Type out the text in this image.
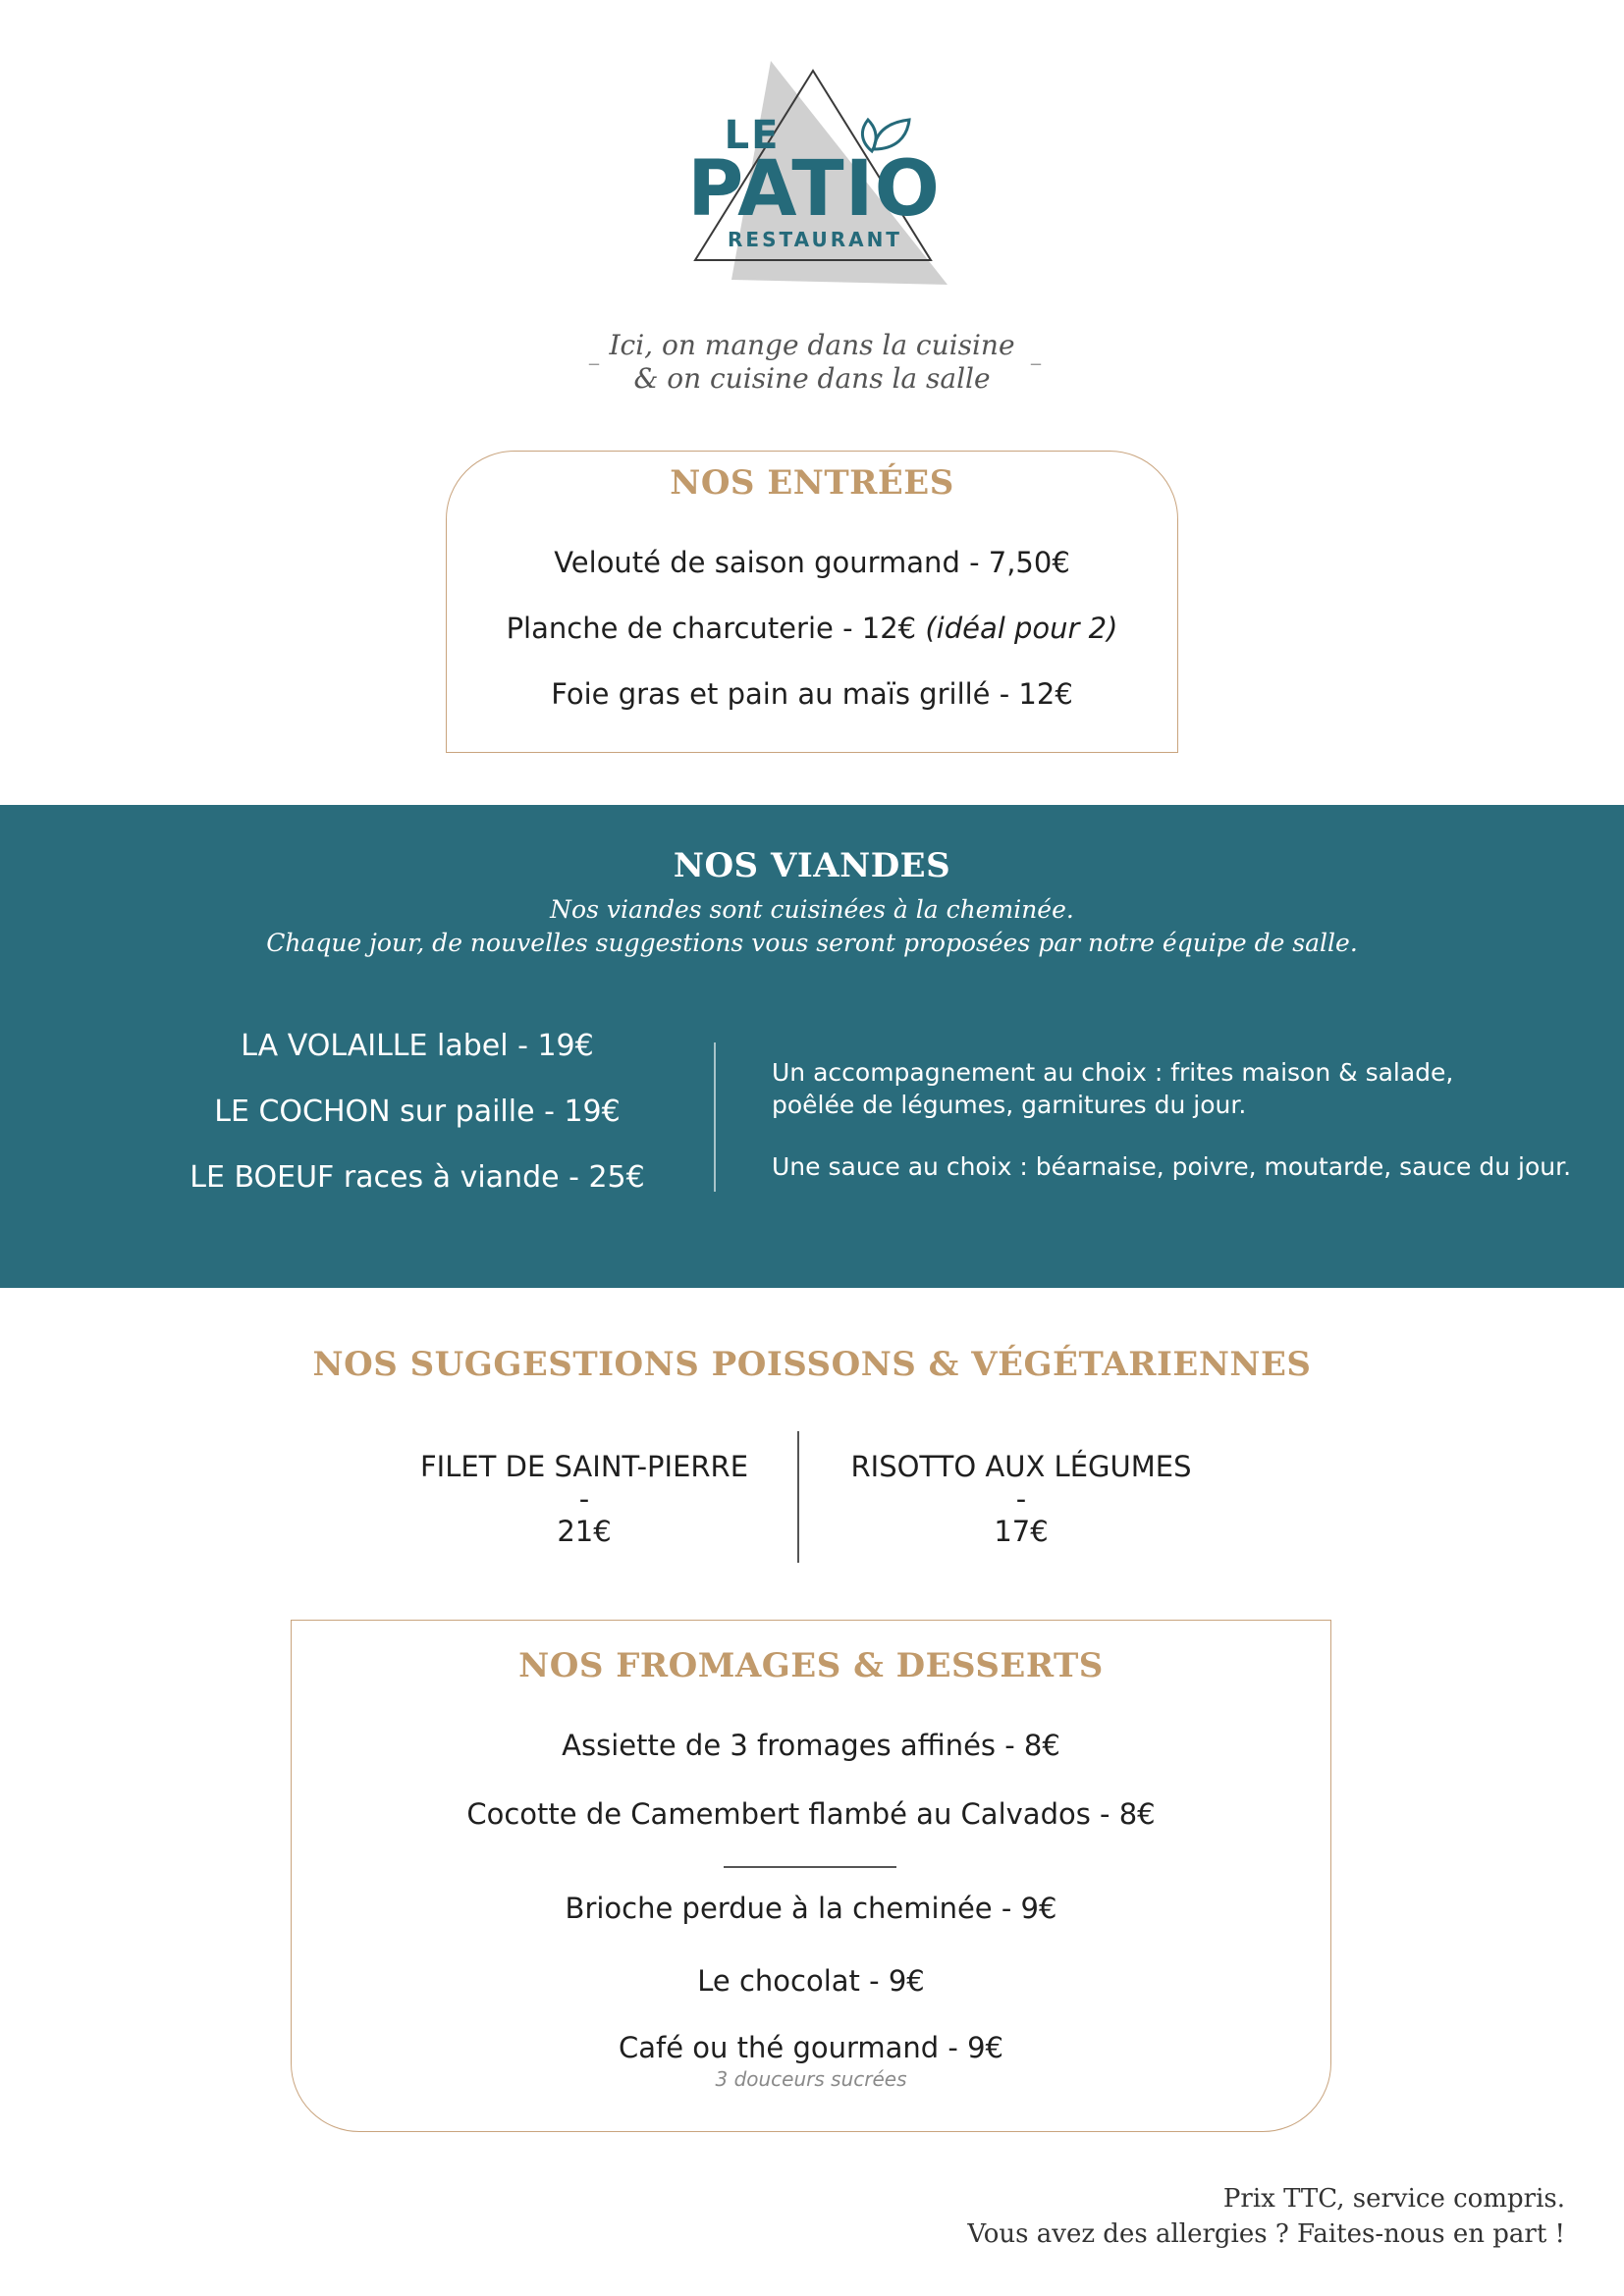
LE
PATIO
RESTAURANT
Ici, on mange dans la cuisine
& on cuisine dans la salle
_	_
NOS ENTRÉES
Velouté de saison gourmand - 7,50€
Planche de charcuterie - 12€ (idéal pour 2)
Foie gras et pain au maïs grillé - 12€
NOS VIANDES
Nos viandes sont cuisinées à la cheminée.
Chaque jour, de nouvelles suggestions vous seront proposées par notre équipe de salle.
LA VOLAILLE label - 19€
LE COCHON sur paille - 19€
LE BOEUF races à viande - 25€
Un accompagnement au choix : frites maison & salade,
poêlée de légumes, garnitures du jour.
Une sauce au choix : béarnaise, poivre, moutarde, sauce du jour.
NOS SUGGESTIONS POISSONS & VÉGÉTARIENNES
FILET DE SAINT-PIERRE
-
21€
RISOTTO AUX LÉGUMES
-
17€
NOS FROMAGES & DESSERTS
Assiette de 3 fromages affinés - 8€
Cocotte de Camembert flambé au Calvados - 8€
Brioche perdue à la cheminée - 9€
Le chocolat - 9€
Café ou thé gourmand - 9€
3 douceurs sucrées
Prix TTC, service compris.
Vous avez des allergies ? Faites-nous en part !
